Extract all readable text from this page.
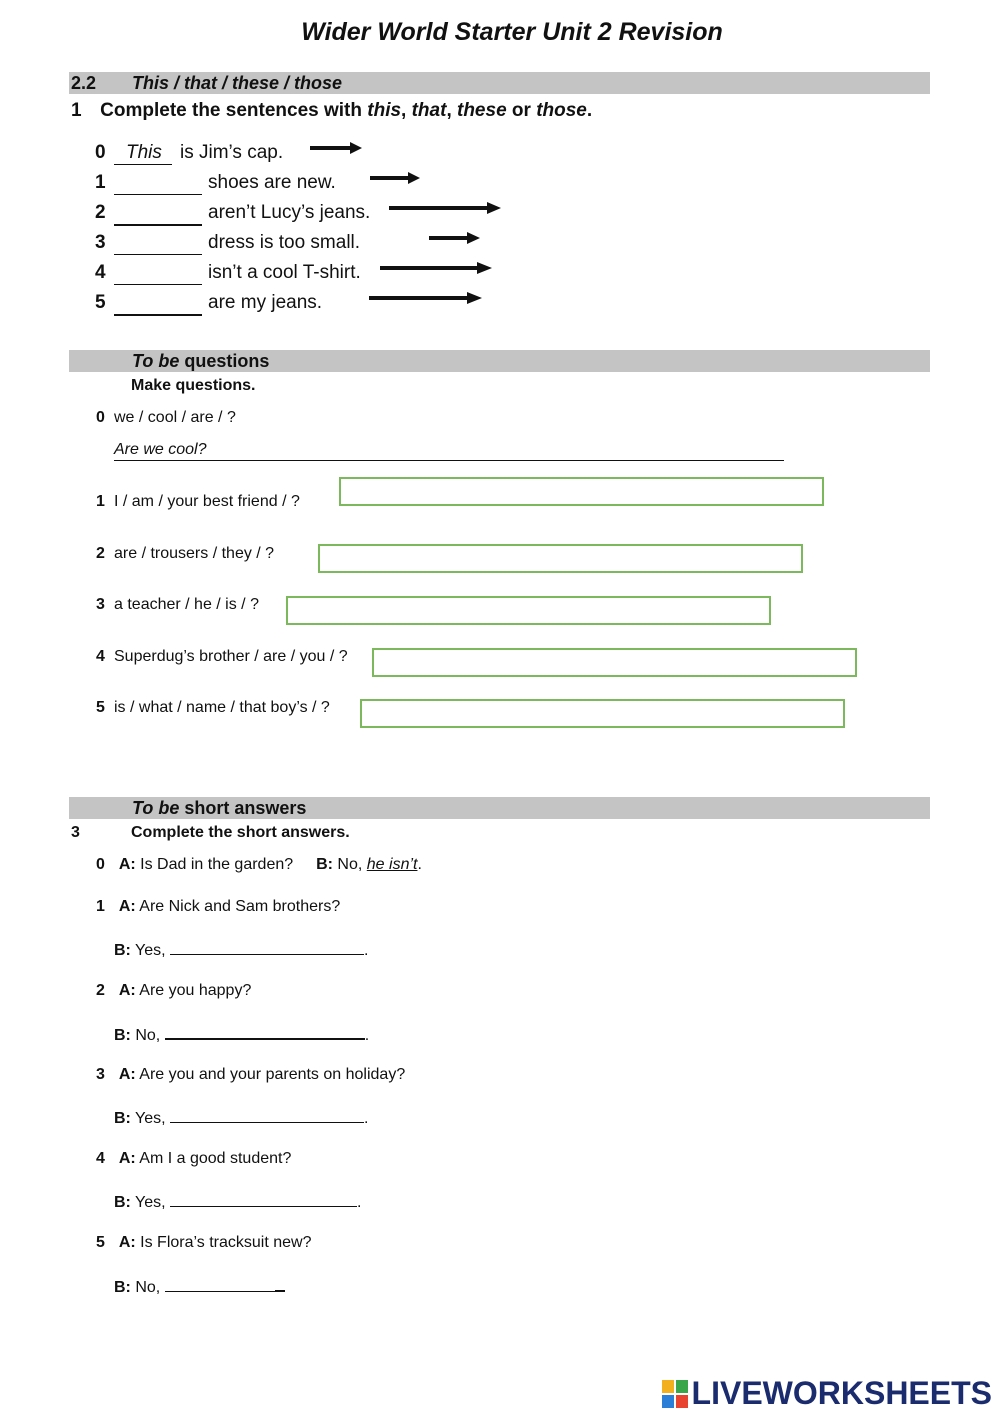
Wider World Starter Unit 2 Revision
2.2 This / that / these / those
1 Complete the sentences with this, that, these or those.
0 This is Jim’s cap.
1	shoes are new.
2	aren’t Lucy’s jeans.
3	dress is too small.
4	isn’t a cool T-shirt.
5	are my jeans.
To be questions
Make questions.
0 we / cool / are / ?
Are we cool?
1 I / am / your best friend / ?
2 are / trousers / they / ?
3 a teacher / he / is / ?
4 Superdug’s brother / are / you / ?
5 is / what / name / that boy’s / ?
To be short answers
3	Complete the short answers.
0 A: Is Dad in the garden? B: No, he isn’t.
1 A: Are Nick and Sam brothers?
B: Yes,	.
2 A: Are you happy?
B: No,	.
3 A: Are you and your parents on holiday?
B: Yes,	.
4 A: Am I a good student?
B: Yes,	.
5 A: Is Flora’s tracksuit new?
B: No,
LIVEWORKSHEETS
